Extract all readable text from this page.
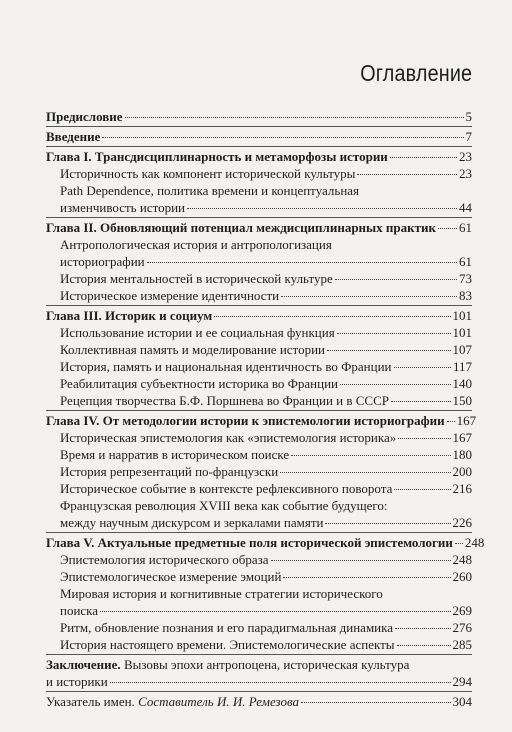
Оглавление
Предисловие	5
Введение	7
Глава I. Трансдисциплинарность и метаморфозы истории	23
Историчность как компонент исторической культуры	23
Path Dependence, политика времени и концептуальная
изменчивость истории	44
Глава II. Обновляющий потенциал междисциплинарных практик 61
Антропологическая история и антропологизация
историографии	61
История ментальностей в исторической культуре	73
Историческое измерение идентичности	83
Глава III. Историк и социум	101
Использование истории и ее социальная функция	101
Коллективная память и моделирование истории	107
История, память и национальная идентичность во Франции	117
Реабилитация субъектности историка во Франции	140
Рецепция творчества Б.Ф. Поршнева во Франции и в СССР	150
Глава IV. От методологии истории к эпистемологии историографии 167
Историческая эпистемология как «эпистемология историка»	167
Время и нарратив в историческом поиске	180
История репрезентаций по-французски	200
Историческое событие в контексте рефлексивного поворота	216
Французская революция XVIII века как событие будущего:
между научным дискурсом и зеркалами памяти	226
Глава V. Актуальные предметные поля исторической эпистемологии 248
Эпистемология исторического образа	248
Эпистемологическое измерение эмоций	260
Мировая история и когнитивные стратегии исторического
поиска	269
Ритм, обновление познания и его парадигмальная динамика	276
История настоящего времени. Эпистемологические аспекты	285
Заключение. Вызовы эпохи антропоцена, историческая культура
и историки	294
Указатель имен. Составитель И. И. Ремезова	304
